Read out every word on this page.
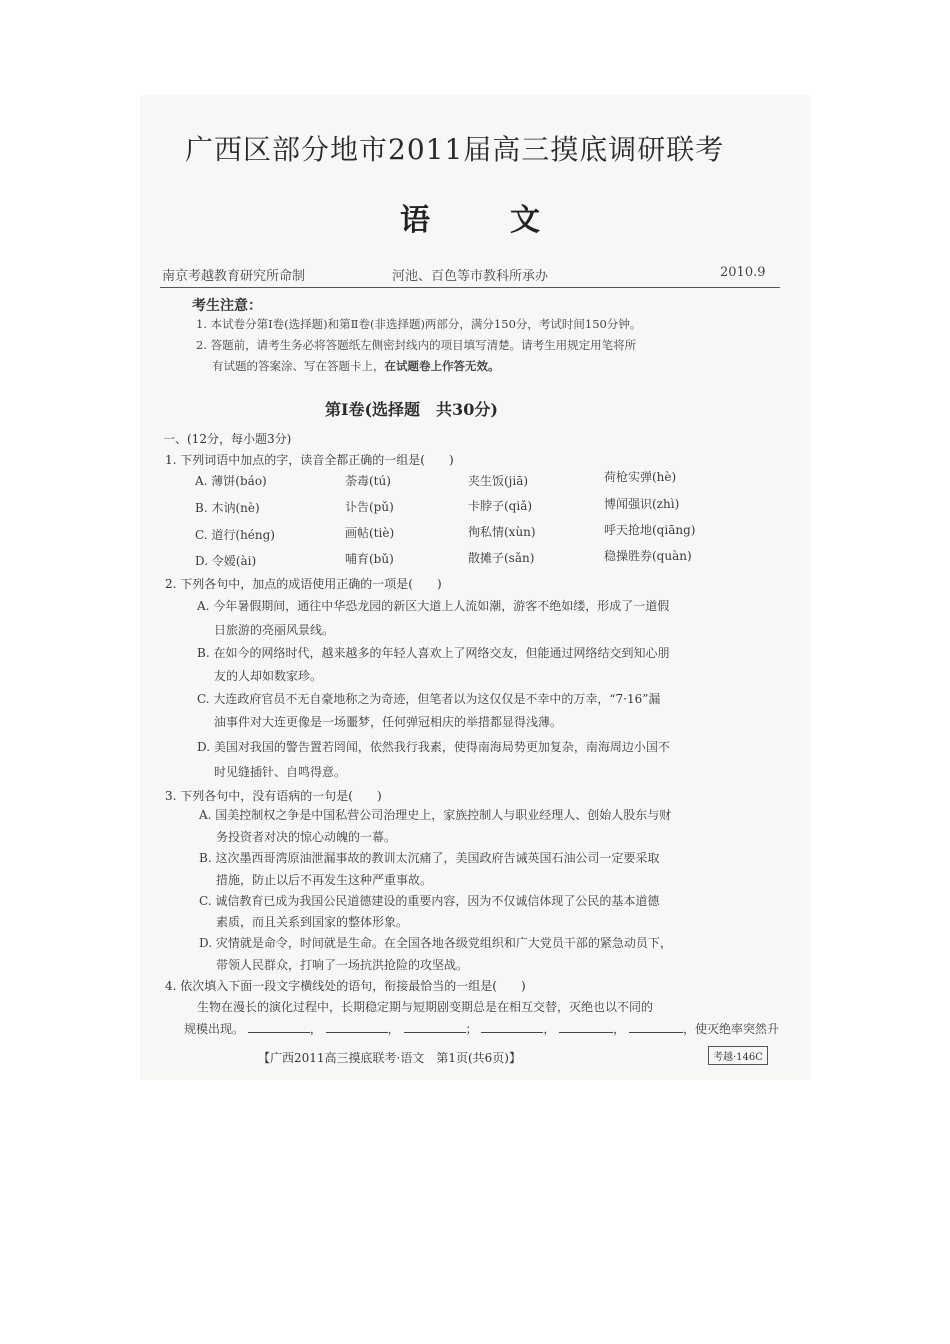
广西区部分地市2011届高三摸底调研联考
语文
南京考越教育研究所命制	河池、百色等市教科所承办	2010.9
考生注意：
1. 本试卷分第Ⅰ卷(选择题)和第Ⅱ卷(非选择题)两部分，满分150分，考试时间150分钟。
2. 答题前，请考生务必将答题纸左侧密封线内的项目填写清楚。请考生用规定用笔将所
有试题的答案涂、写在答题卡上，在试题卷上作答无效。
第Ⅰ卷(选择题　共30分)
一、(12分，每小题3分)
1. 下列词语中加点的字，读音全都正确的一组是(　　)
A. 薄饼(báo)	荼毒(tú)	夹生饭(jiā)	荷枪实弹(hè)
B. 木讷(nè)	讣告(pǔ)	卡脖子(qiǎ)	博闻强识(zhì)
C. 道行(héng)	画帖(tiè)	徇私情(xùn)	呼天抢地(qiāng)
D. 令嫒(ài)	哺育(bǔ)	散摊子(sǎn)	稳操胜券(quàn)
2. 下列各句中，加点的成语使用正确的一项是(　　)
A. 今年暑假期间，通往中华恐龙园的新区大道上人流如潮，游客不绝如缕，形成了一道假
日旅游的亮丽风景线。
B. 在如今的网络时代，越来越多的年轻人喜欢上了网络交友，但能通过网络结交到知心朋
友的人却如数家珍。
C. 大连政府官员不无自豪地称之为奇迹，但笔者以为这仅仅是不幸中的万幸，“7·16”漏
油事件对大连更像是一场噩梦，任何弹冠相庆的举措都显得浅薄。
D. 美国对我国的警告置若罔闻，依然我行我素，使得南海局势更加复杂，南海周边小国不
时见缝插针、自鸣得意。
3. 下列各句中，没有语病的一句是(　　)
A. 国美控制权之争是中国私营公司治理史上，家族控制人与职业经理人、创始人股东与财
务投资者对决的惊心动魄的一幕。
B. 这次墨西哥湾原油泄漏事故的教训太沉痛了，美国政府告诫英国石油公司一定要采取
措施，防止以后不再发生这种严重事故。
C. 诚信教育已成为我国公民道德建设的重要内容，因为不仅诚信体现了公民的基本道德
素质，而且关系到国家的整体形象。
D. 灾情就是命令，时间就是生命。在全国各地各级党组织和广大党员干部的紧急动员下，
带领人民群众，打响了一场抗洪抢险的攻坚战。
4. 依次填入下面一段文字横线处的语句，衔接最恰当的一组是(　　)
生物在漫长的演化过程中，长期稳定期与短期剧变期总是在相互交替，灭绝也以不同的
规模出现。	，	，	；	，	，	，使灭绝率突然升
【广西2011高三摸底联考·语文　第1页(共6页)】	考越·146C
